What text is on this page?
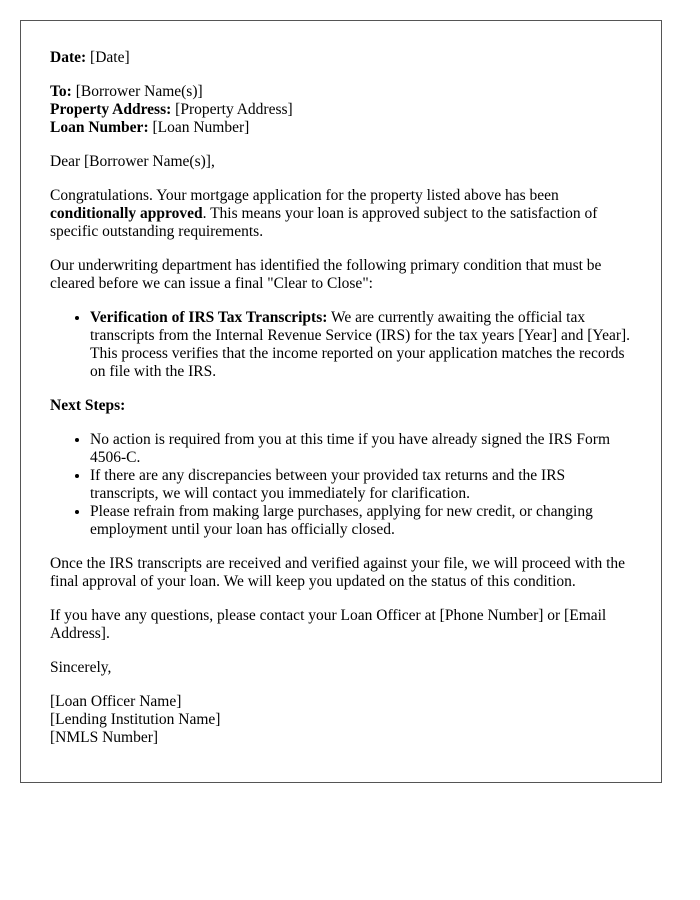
Date: [Date]

To: [Borrower Name(s)]
Property Address: [Property Address]
Loan Number: [Loan Number]

Dear [Borrower Name(s)],

Congratulations. Your mortgage application for the property listed above has been conditionally approved. This means your loan is approved subject to the satisfaction of specific outstanding requirements.

Our underwriting department has identified the following primary condition that must be cleared before we can issue a final "Clear to Close":

• Verification of IRS Tax Transcripts: We are currently awaiting the official tax transcripts from the Internal Revenue Service (IRS) for the tax years [Year] and [Year]. This process verifies that the income reported on your application matches the records on file with the IRS.

Next Steps:

• No action is required from you at this time if you have already signed the IRS Form 4506-C.
• If there are any discrepancies between your provided tax returns and the IRS transcripts, we will contact you immediately for clarification.
• Please refrain from making large purchases, applying for new credit, or changing employment until your loan has officially closed.

Once the IRS transcripts are received and verified against your file, we will proceed with the final approval of your loan. We will keep you updated on the status of this condition.

If you have any questions, please contact your Loan Officer at [Phone Number] or [Email Address].

Sincerely,

[Loan Officer Name]
[Lending Institution Name]
[NMLS Number]
